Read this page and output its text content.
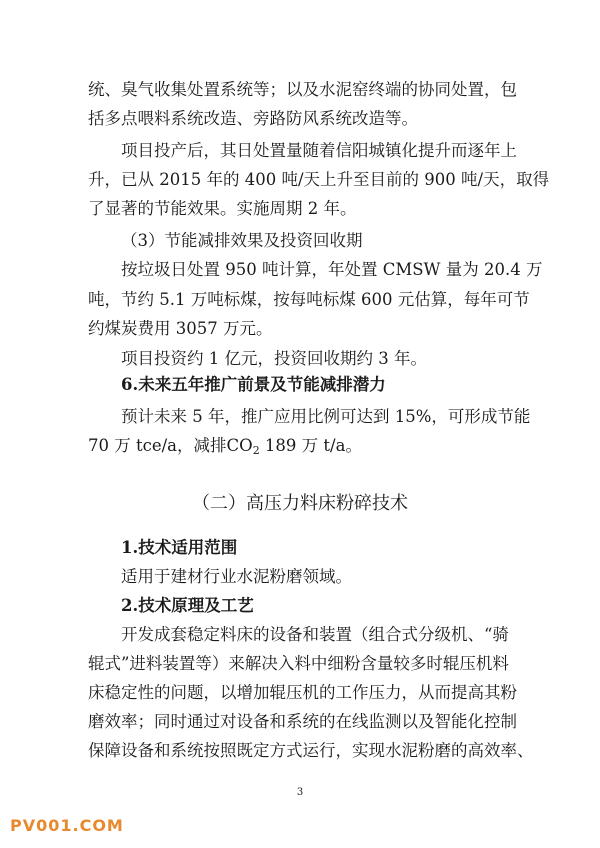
统、臭气收集处置系统等；以及水泥窑终端的协同处置，包
括多点喂料系统改造、旁路防风系统改造等。
项目投产后，其日处置量随着信阳城镇化提升而逐年上
升，已从 2015 年的 400 吨/天上升至目前的 900 吨/天，取得
了显著的节能效果。实施周期 2 年。
（3）节能减排效果及投资回收期
按垃圾日处置 950 吨计算，年处置 CMSW 量为 20.4 万
吨，节约 5.1 万吨标煤，按每吨标煤 600 元估算，每年可节
约煤炭费用 3057 万元。
项目投资约 1 亿元，投资回收期约 3 年。
6.未来五年推广前景及节能减排潜力
预计未来 5 年，推广应用比例可达到 15%，可形成节能
70 万 tce/a，减排$CO_2$ 189 万 t/a。
（二）高压力料床粉碎技术
1.技术适用范围
适用于建材行业水泥粉磨领域。
2.技术原理及工艺
开发成套稳定料床的设备和装置（组合式分级机、“骑
辊式”进料装置等）来解决入料中细粉含量较多时辊压机料
床稳定性的问题，以增加辊压机的工作压力，从而提高其粉
磨效率；同时通过对设备和系统的在线监测以及智能化控制
保障设备和系统按照既定方式运行，实现水泥粉磨的高效率、
3
PV001.COM
